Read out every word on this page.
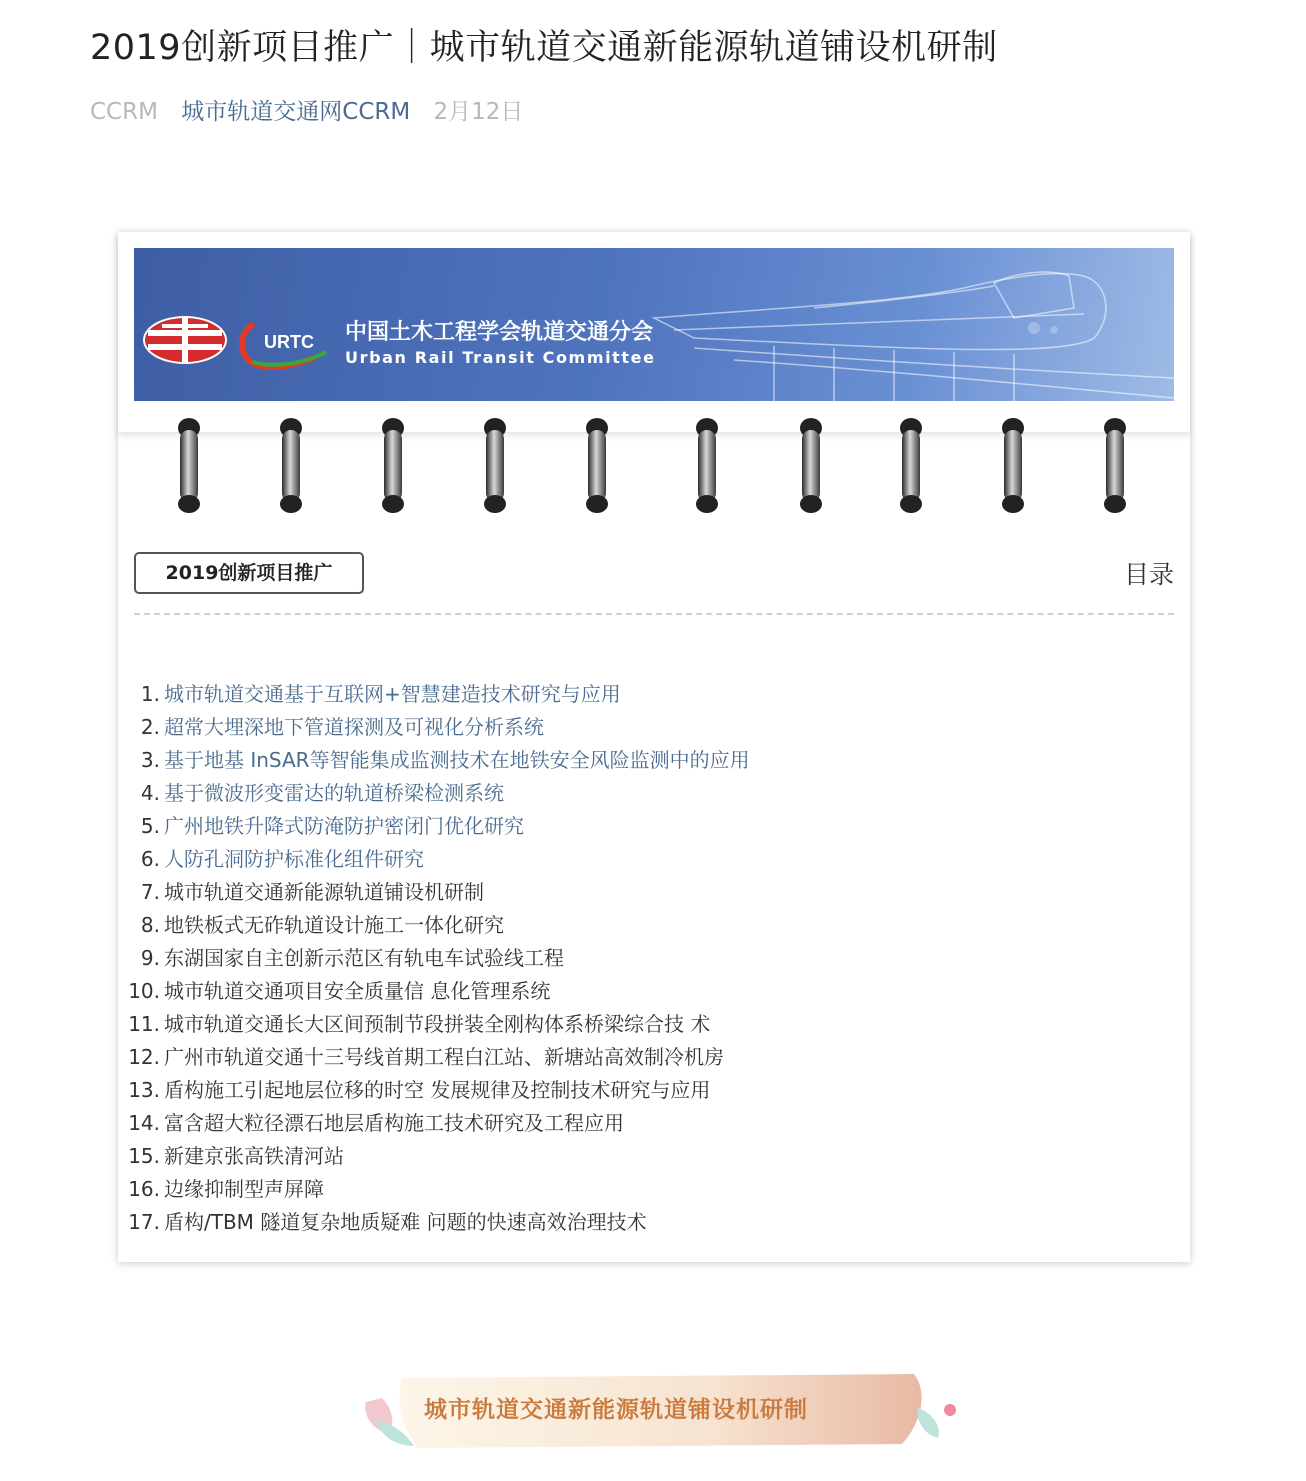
2019创新项目推广｜城市轨道交通新能源轨道铺设机研制
CCRM 城市轨道交通网CCRM 2月12日
URTC 中国土木工程学会轨道交通分会
Urban Rail Transit Committee
2019创新项目推广	目录
1. 城市轨道交通基于互联网+智慧建造技术研究与应用
2. 超常大埋深地下管道探测及可视化分析系统
3. 基于地基 InSAR等智能集成监测技术在地铁安全风险监测中的应用
4. 基于微波形变雷达的轨道桥梁检测系统
5. 广州地铁升降式防淹防护密闭门优化研究
6. 人防孔洞防护标准化组件研究
7. 城市轨道交通新能源轨道铺设机研制
8. 地铁板式无砟轨道设计施工一体化研究
9. 东湖国家自主创新示范区有轨电车试验线工程
10. 城市轨道交通项目安全质量信 息化管理系统
11. 城市轨道交通长大区间预制节段拼装全刚构体系桥梁综合技 术
12. 广州市轨道交通十三号线首期工程白江站、新塘站高效制冷机房
13. 盾构施工引起地层位移的时空 发展规律及控制技术研究与应用
14. 富含超大粒径漂石地层盾构施工技术研究及工程应用
15. 新建京张高铁清河站
16. 边缘抑制型声屏障
17. 盾构/TBM 隧道复杂地质疑难 问题的快速高效治理技术
城市轨道交通新能源轨道铺设机研制
